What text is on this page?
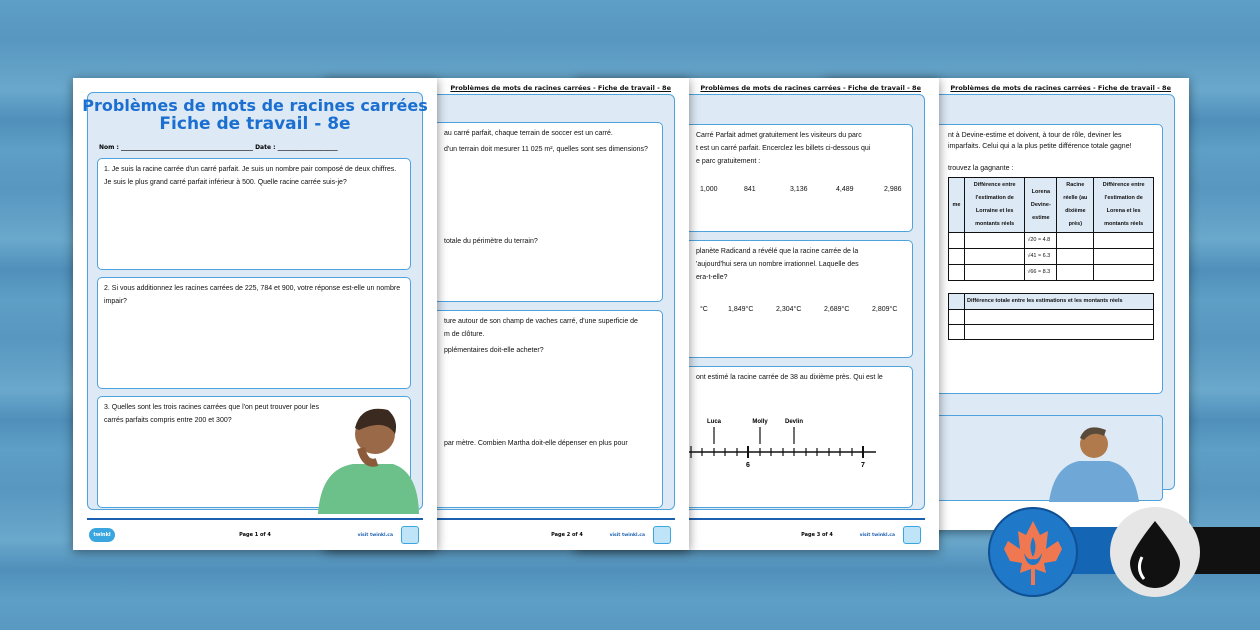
Problèmes de mots de racines carrées - Fiche de travail - 8e
nt à Devine-estime et doivent, à tour de rôle, deviner les
imparfaits. Celui qui a la plus petite différence totale gagne!
trouvez la gagnante :
me	Différence entre l'estimation de Lorraine et les montants réels	Lorena Devine-estime	Racine réelle (au dixième près)	Différence entre l'estimation de Lorena et les montants réels
		√20 ≈ 4.8		
		√41 ≈ 6.3		
		√66 ≈ 8.3		
	Différence totale entre les estimations et les montants réels

Problèmes de mots de racines carrées - Fiche de travail - 8e
Carré Parfait admet gratuitement les visiteurs du parc
t est un carré parfait. Encerclez les billets ci-dessous qui
e parc gratuitement :
1,000	841	3,136	4,489	2,986
planète Radicand a révélé que la racine carrée de la
'aujourd'hui sera un nombre irrationnel. Laquelle des
era-t-elle?
°C	1,849°C	2,304°C	2,689°C	2,809°C
ont estimé la racine carrée de 38 au dixième près. Qui est le
Luca	Molly	Devlin
6	7
Page 3 of 4	visit twinkl.ca
Problèmes de mots de racines carrées - Fiche de travail - 8e
au carré parfait, chaque terrain de soccer est un carré.
d'un terrain doit mesurer 11 025 m², quelles sont ses dimensions?
totale du périmètre du terrain?
ture autour de son champ de vaches carré, d'une superficie de
m de clôture.
pplémentaires doit-elle acheter?
par mètre. Combien Martha doit-elle dépenser en plus pour
Page 2 of 4	visit twinkl.ca
Problèmes de mots de racines carrées
Fiche de travail - 8e
Nom : ____________________________________________ Date : ____________________
1. Je suis la racine carrée d'un carré parfait. Je suis un nombre pair composé de deux chiffres. Je suis le plus grand carré parfait inférieur à 500. Quelle racine carrée suis-je?
2. Si vous additionnez les racines carrées de 225, 784 et 900, votre réponse est-elle un nombre impair?
3. Quelles sont les trois racines carrées que l'on peut trouver pour les carrés parfaits compris entre 200 et 300?
twinkl	Page 1 of 4	visit twinkl.ca
